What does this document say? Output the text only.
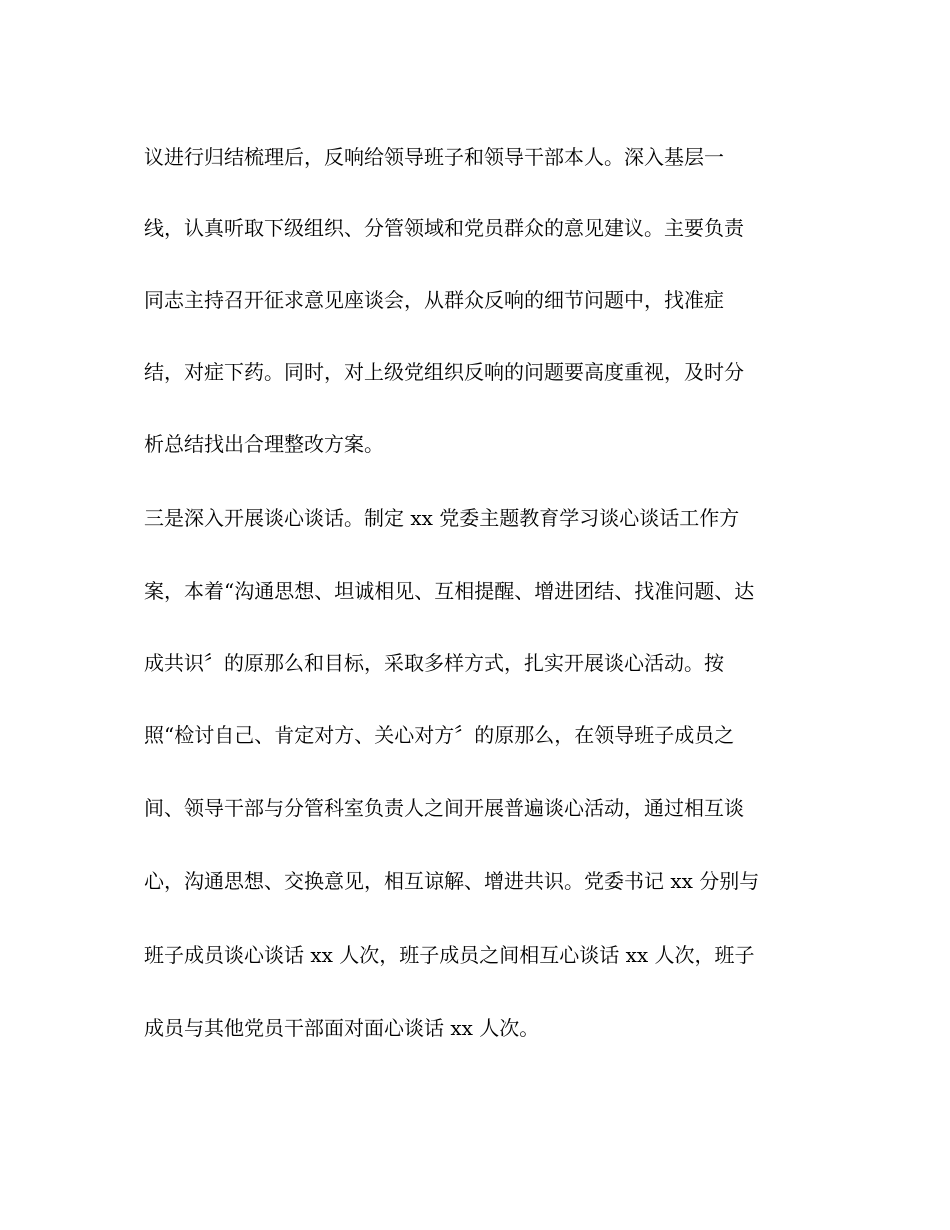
议进行归结梳理后，反响给领导班子和领导干部本人。深入基层一
线，认真听取下级组织、分管领域和党员群众的意见建议。主要负责
同志主持召开征求意见座谈会，从群众反响的细节问题中，找准症
结，对症下药。同时，对上级党组织反响的问题要高度重视，及时分
析总结找出合理整改方案。
三是深入开展谈心谈话。制定 xx 党委主题教育学习谈心谈话工作方
案，本着“沟通思想、坦诚相见、互相提醒、增进团结、找准问题、达
成共识〞的原那么和目标，采取多样方式，扎实开展谈心活动。按
照“检讨自己、肯定对方、关心对方〞的原那么，在领导班子成员之
间、领导干部与分管科室负责人之间开展普遍谈心活动，通过相互谈
心，沟通思想、交换意见，相互谅解、增进共识。党委书记 xx 分别与
班子成员谈心谈话 xx 人次，班子成员之间相互心谈话 xx 人次，班子
成员与其他党员干部面对面心谈话 xx 人次。
